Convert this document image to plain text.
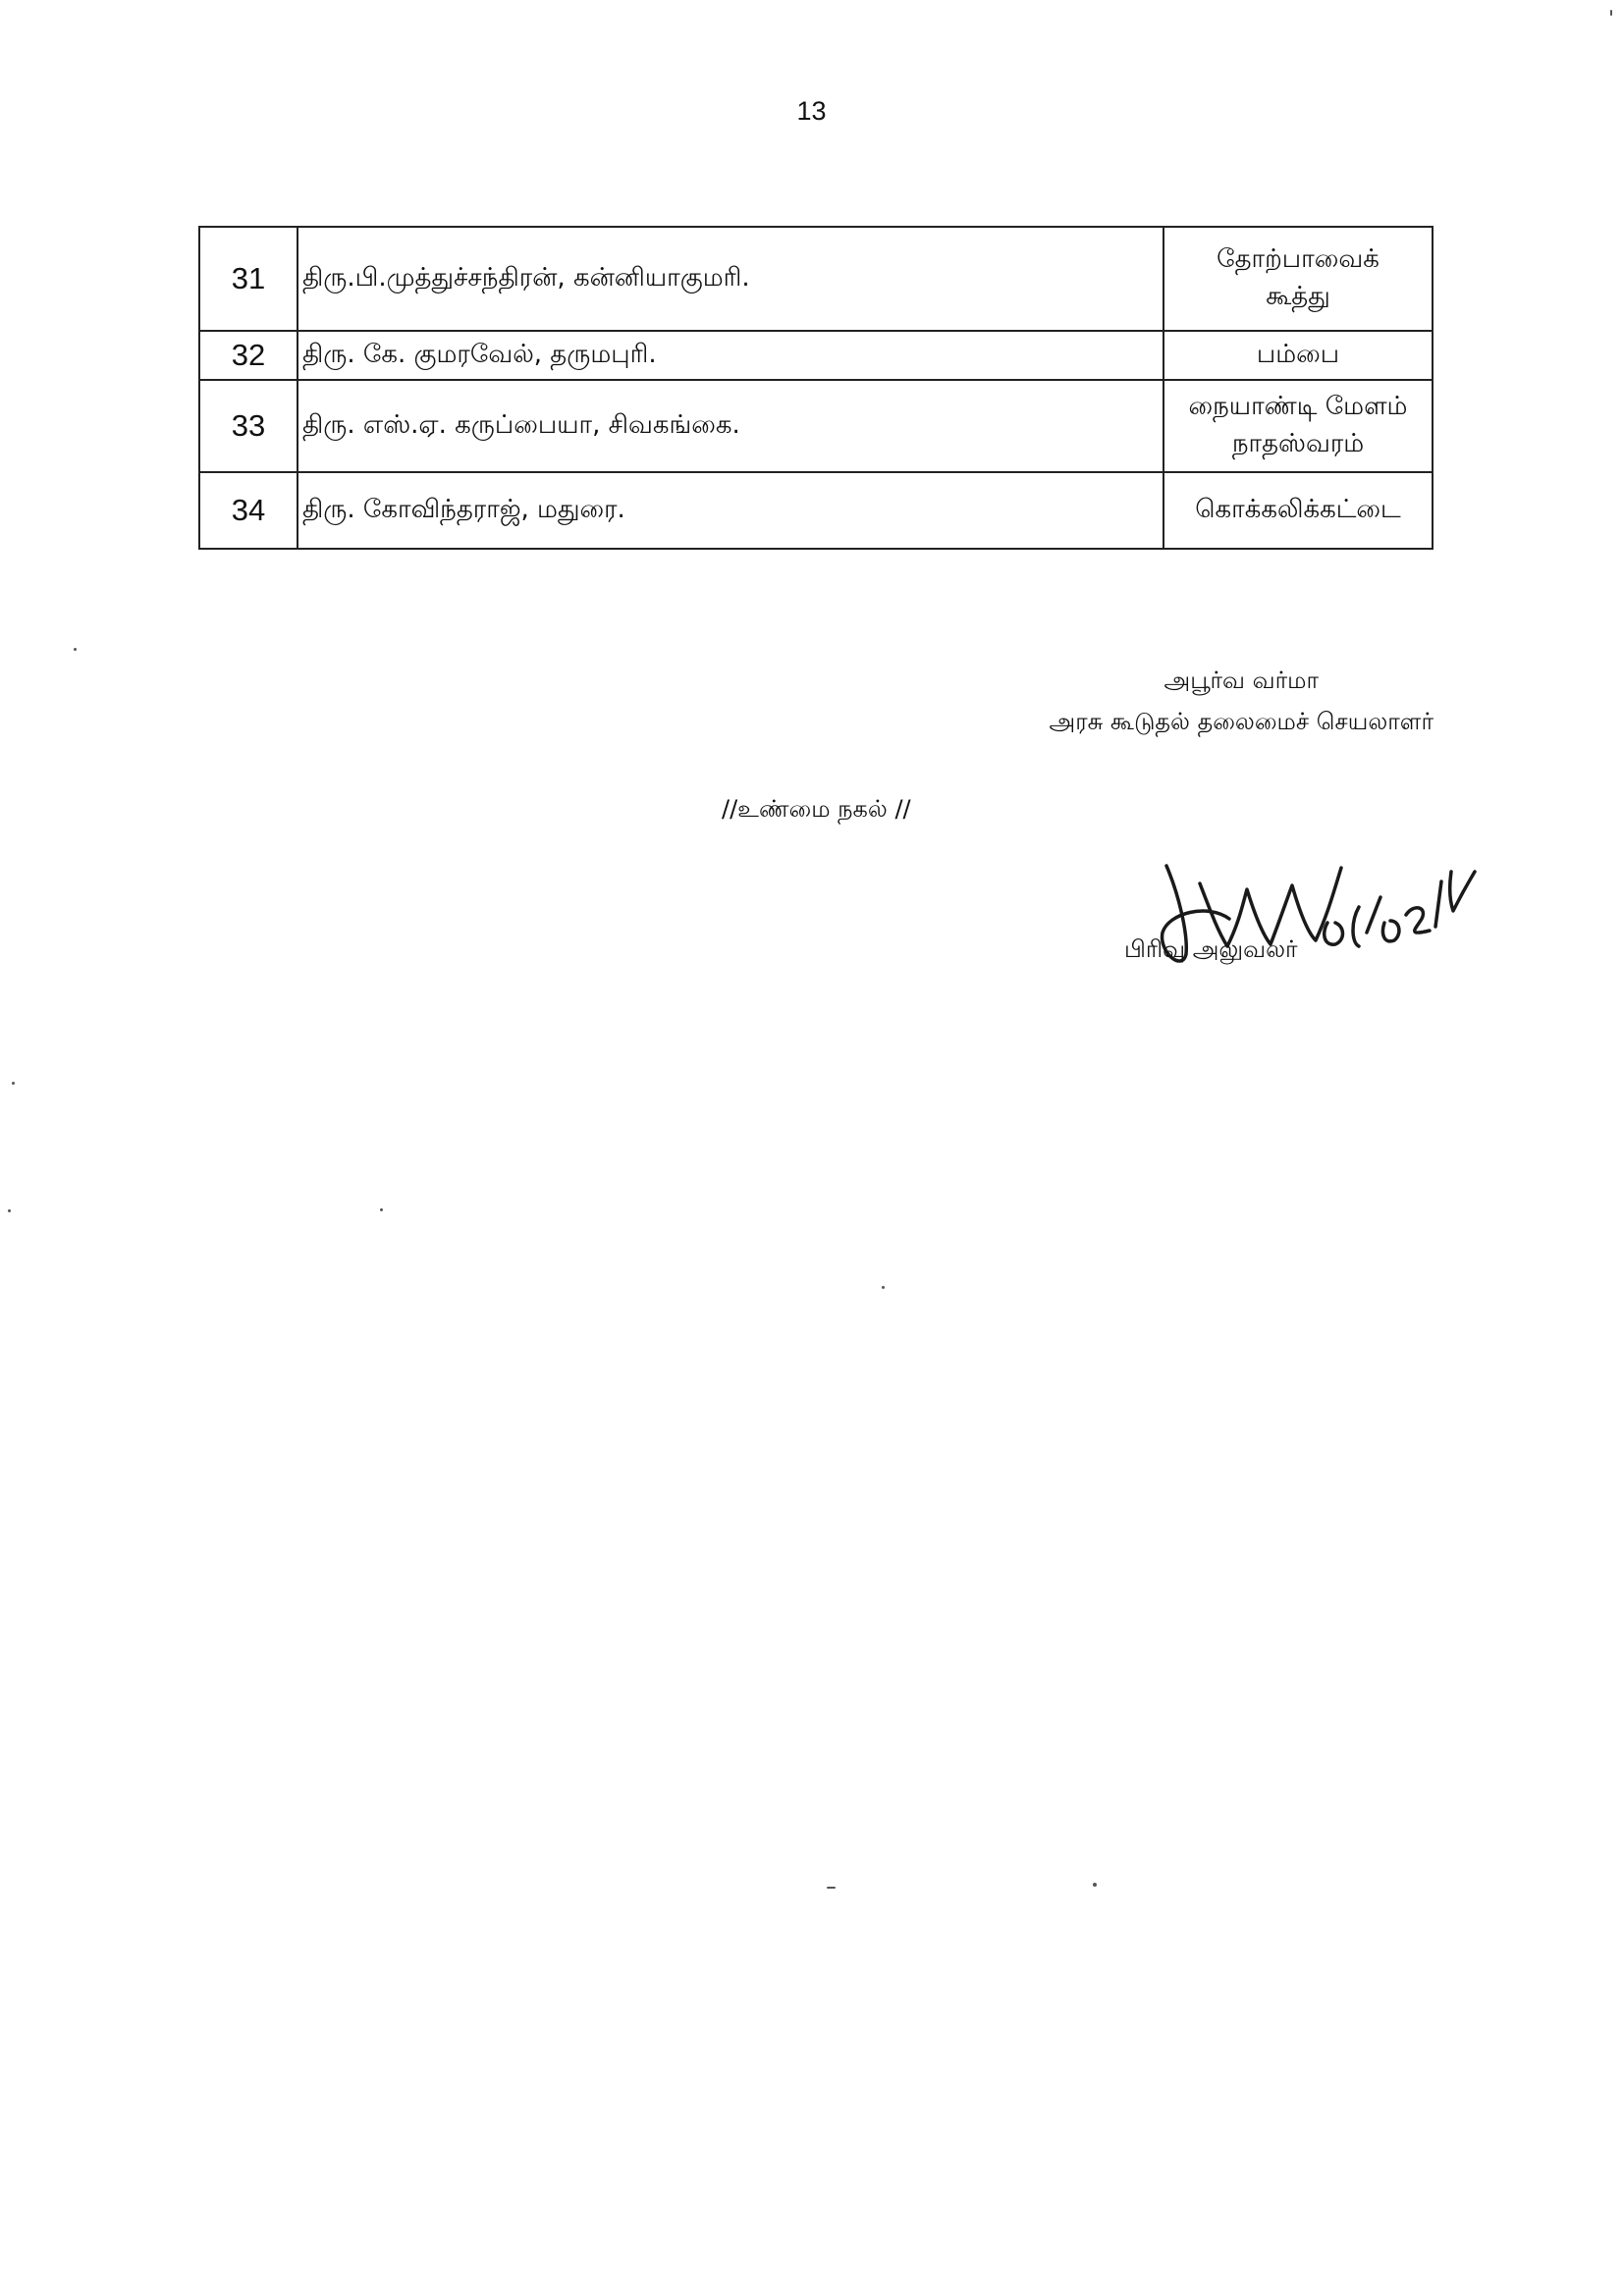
13
31	திரு.பி.முத்துச்சந்திரன், கன்னியாகுமரி.	தோற்பாவைக்
கூத்து

32	திரு. கே. குமரவேல், தருமபுரி.	பம்பை

33	திரு. எஸ்.ஏ. கருப்பையா, சிவகங்கை.	நையாண்டி மேளம்
நாதஸ்வரம்

34	திரு. கோவிந்தராஜ், மதுரை.	கொக்கலிக்கட்டை
அபூர்வ வர்மா
அரசு கூடுதல் தலைமைச் செயலாளர்
//உண்மை நகல் //
பிரிவு அலுவலர்
